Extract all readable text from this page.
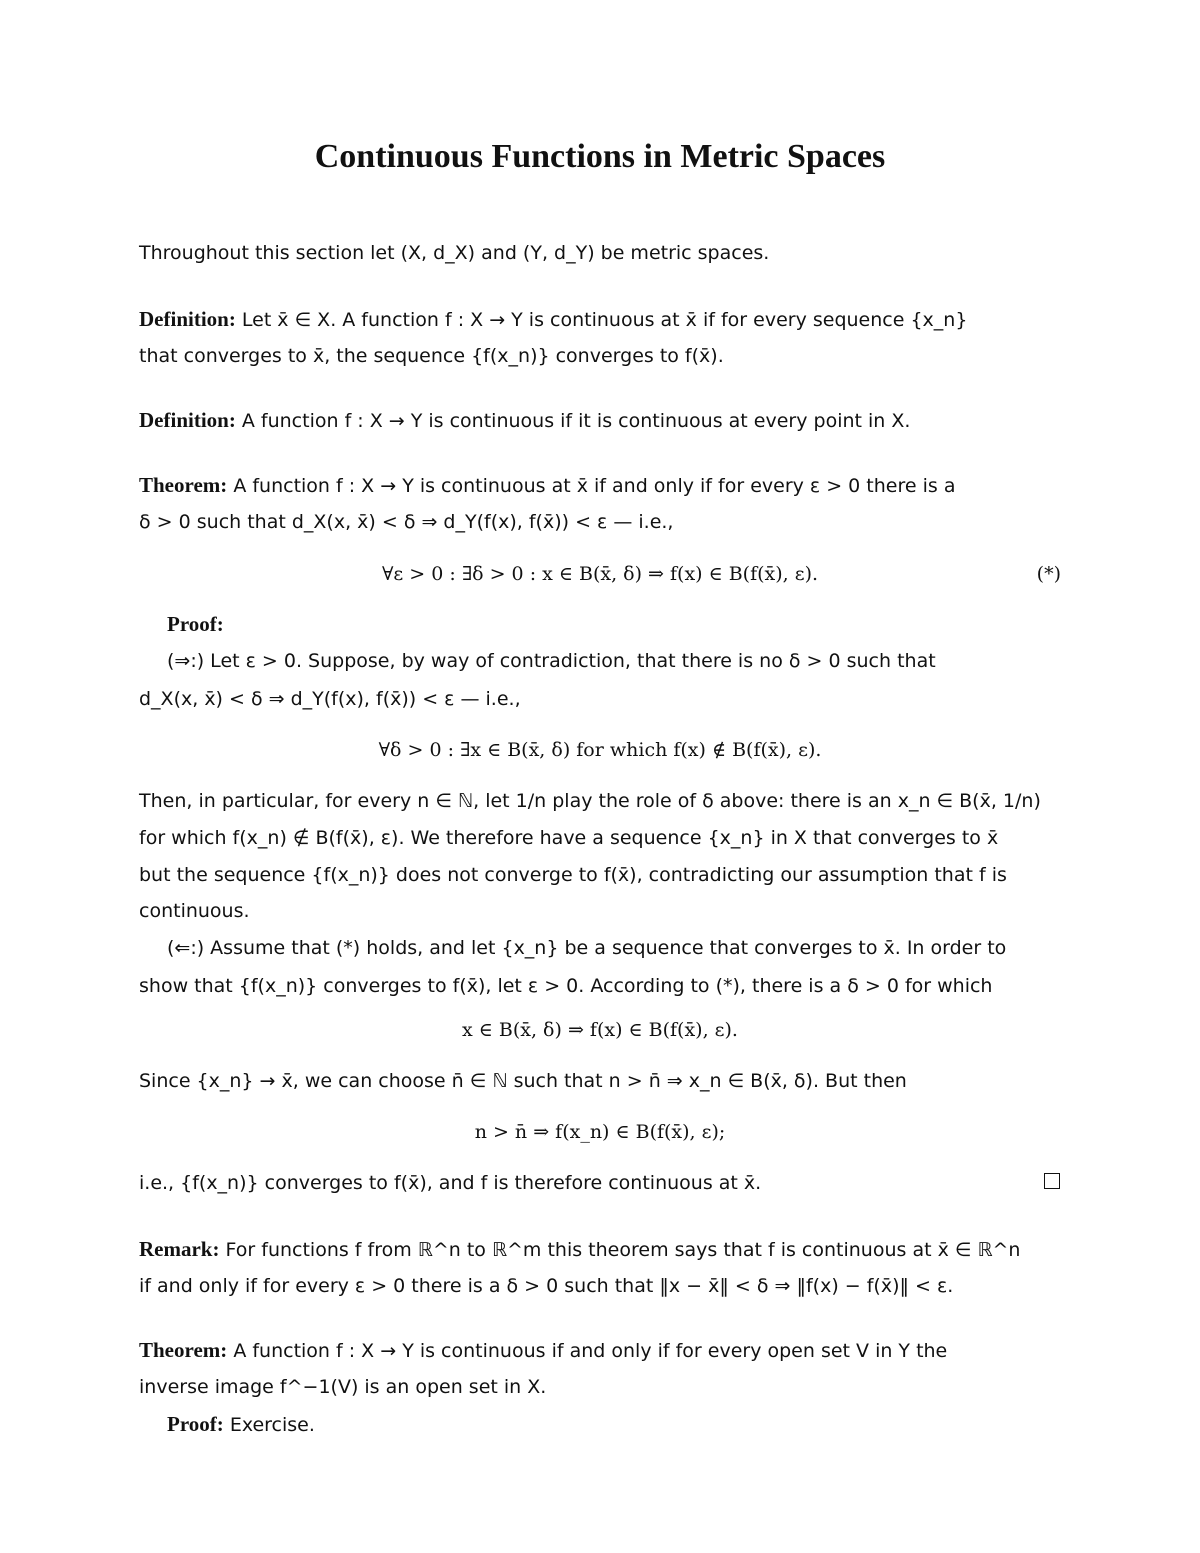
Continuous Functions in Metric Spaces
Throughout this section let (X, d_X) and (Y, d_Y) be metric spaces.
Definition: Let x̄ ∈ X. A function f : X → Y is continuous at x̄ if for every sequence {x_n}
that converges to x̄, the sequence {f(x_n)} converges to f(x̄).
Definition: A function f : X → Y is continuous if it is continuous at every point in X.
Theorem: A function f : X → Y is continuous at x̄ if and only if for every ε > 0 there is a
δ > 0 such that d_X(x, x̄) < δ ⇒ d_Y(f(x), f(x̄)) < ε — i.e.,
∀ε > 0 : ∃δ > 0 : x ∈ B(x̄, δ) ⇒ f(x) ∈ B(f(x̄), ε).	(*)
Proof:
(⇒:) Let ε > 0. Suppose, by way of contradiction, that there is no δ > 0 such that
d_X(x, x̄) < δ ⇒ d_Y(f(x), f(x̄)) < ε — i.e.,
∀δ > 0 : ∃x ∈ B(x̄, δ) for which f(x) ∉ B(f(x̄), ε).
Then, in particular, for every n ∈ ℕ, let 1/n play the role of δ above: there is an x_n ∈ B(x̄, 1/n)
for which f(x_n) ∉ B(f(x̄), ε). We therefore have a sequence {x_n} in X that converges to x̄
but the sequence {f(x_n)} does not converge to f(x̄), contradicting our assumption that f is
continuous.
(⇐:) Assume that (*) holds, and let {x_n} be a sequence that converges to x̄. In order to
show that {f(x_n)} converges to f(x̄), let ε > 0. According to (*), there is a δ > 0 for which
x ∈ B(x̄, δ) ⇒ f(x) ∈ B(f(x̄), ε).
Since {x_n} → x̄, we can choose n̄ ∈ ℕ such that n > n̄ ⇒ x_n ∈ B(x̄, δ). But then
n > n̄ ⇒ f(x_n) ∈ B(f(x̄), ε);
i.e., {f(x_n)} converges to f(x̄), and f is therefore continuous at x̄.
Remark: For functions f from ℝ^n to ℝ^m this theorem says that f is continuous at x̄ ∈ ℝ^n
if and only if for every ε > 0 there is a δ > 0 such that ‖x − x̄‖ < δ ⇒ ‖f(x) − f(x̄)‖ < ε.
Theorem: A function f : X → Y is continuous if and only if for every open set V in Y the
inverse image f^−1(V) is an open set in X.
Proof: Exercise.
